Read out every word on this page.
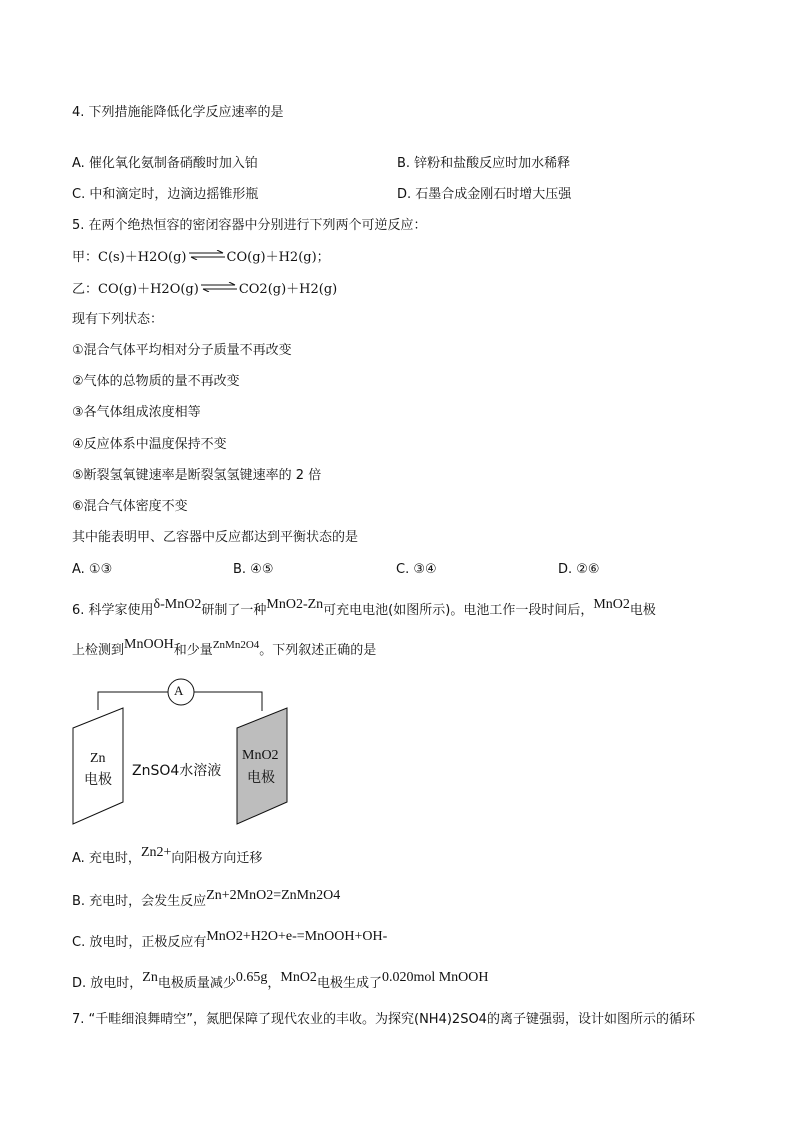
4. 下列措施能降低化学反应速率的是
A. 催化氧化氨制备硝酸时加入铂	B. 锌粉和盐酸反应时加水稀释
C. 中和滴定时，边滴边摇锥形瓶	D. 石墨合成金刚石时增大压强
5. 在两个绝热恒容的密闭容器中分别进行下列两个可逆反应：
甲：C(s)＋H2O(g) ⇌ CO(g)＋H2(g)；
乙：CO(g)＋H2O(g) ⇌ CO2(g)＋H2(g)
现有下列状态：
①混合气体平均相对分子质量不再改变
②气体的总物质的量不再改变
③各气体组成浓度相等
④反应体系中温度保持不变
⑤断裂氢氧键速率是断裂氢氢键速率的 2 倍
⑥混合气体密度不变
其中能表明甲、乙容器中反应都达到平衡状态的是
A. ①③	B. ④⑤	C. ③④	D. ②⑥
6. 科学家使用δ-MnO2研制了一种MnO2-Zn可充电电池(如图所示)。电池工作一段时间后，MnO2电极
上检测到MnOOH和少量$^{ZnMn2O4}$。下列叙述正确的是
A
Zn
电极
ZnSO4水溶液
MnO2
电极
A. 充电时，Zn2+向阳极方向迁移
B. 充电时，会发生反应Zn+2MnO2=ZnMn2O4
C. 放电时，正极反应有MnO2+H2O+e-=MnOOH+OH-
D. 放电时，Zn电极质量减少0.65g，MnO2电极生成了0.020mol MnOOH
7. “千畦细浪舞晴空”，氮肥保障了现代农业的丰收。为探究(NH4)2SO4的离子键强弱，设计如图所示的循环
